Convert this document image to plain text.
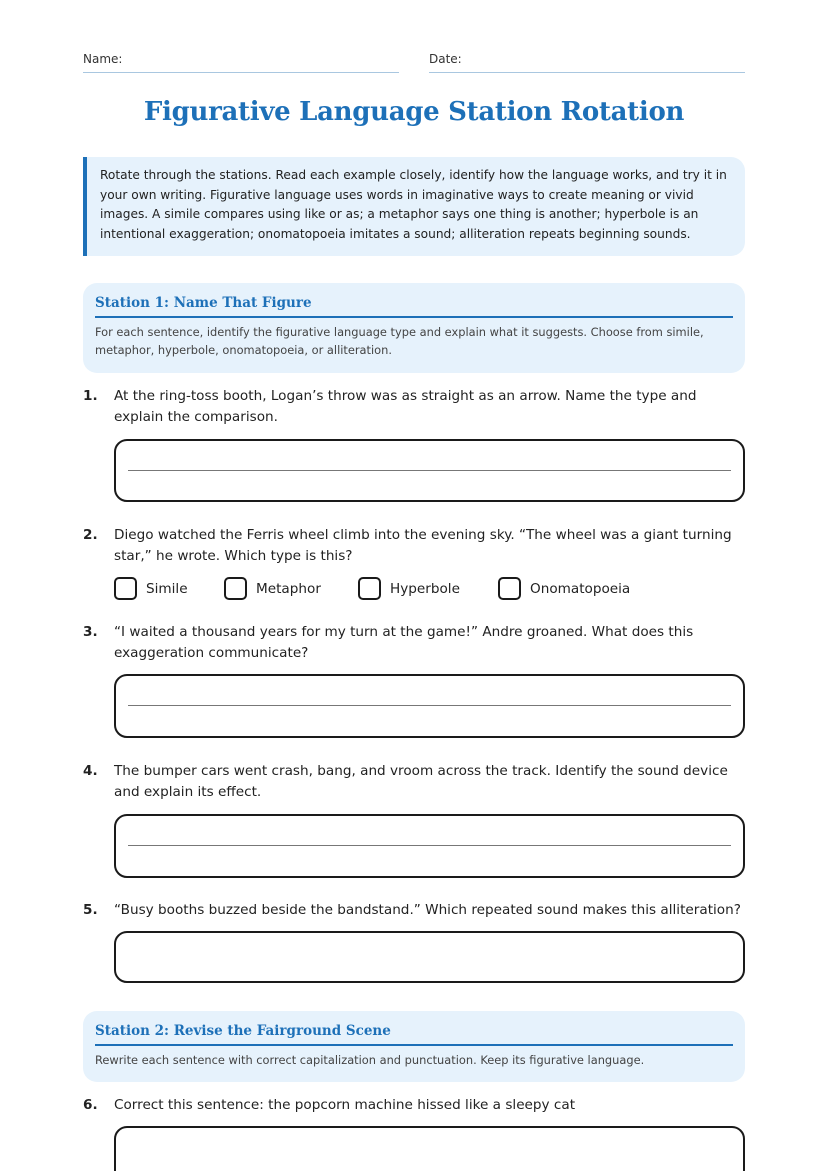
Name:	Date:
Figurative Language Station Rotation
Rotate through the stations. Read each example closely, identify how the language works, and try it in your own writing. Figurative language uses words in imaginative ways to create meaning or vivid images. A simile compares using like or as; a metaphor says one thing is another; hyperbole is an intentional exaggeration; onomatopoeia imitates a sound; alliteration repeats beginning sounds.
Station 1: Name That Figure
For each sentence, identify the figurative language type and explain what it suggests. Choose from simile, metaphor, hyperbole, onomatopoeia, or alliteration.
1. At the ring-toss booth, Logan’s throw was as straight as an arrow. Name the type and explain the comparison.
2. Diego watched the Ferris wheel climb into the evening sky. “The wheel was a giant turning star,” he wrote. Which type is this?
Simile	Metaphor	Hyperbole	Onomatopoeia
3. “I waited a thousand years for my turn at the game!” Andre groaned. What does this exaggeration communicate?
4. The bumper cars went crash, bang, and vroom across the track. Identify the sound device and explain its effect.
5. “Busy booths buzzed beside the bandstand.” Which repeated sound makes this alliteration?
Station 2: Revise the Fairground Scene
Rewrite each sentence with correct capitalization and punctuation. Keep its figurative language.
6. Correct this sentence: the popcorn machine hissed like a sleepy cat
